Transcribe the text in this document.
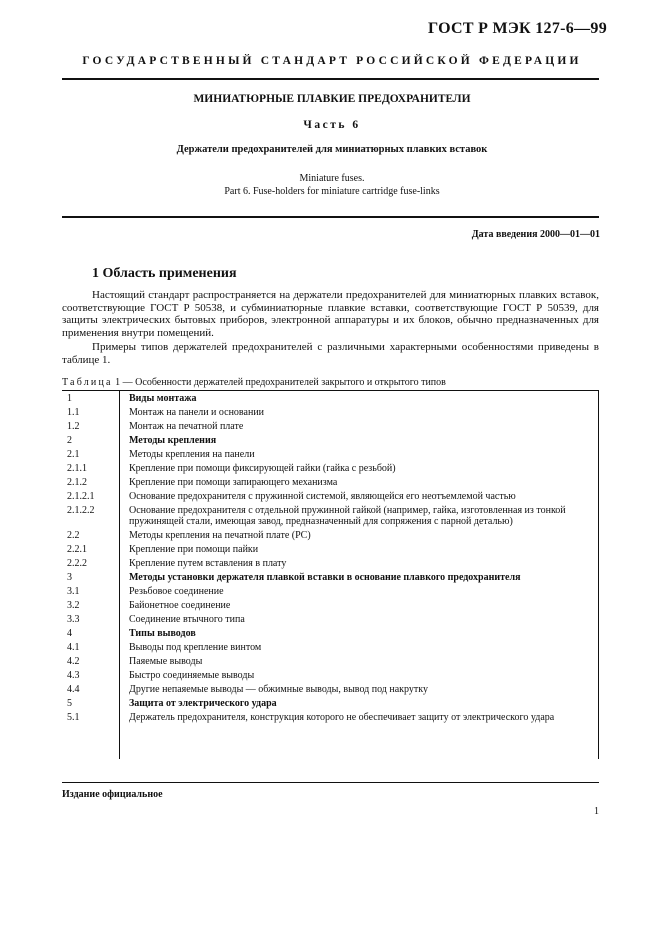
ГОСТ Р МЭК 127-6—99
ГОСУДАРСТВЕННЫЙ СТАНДАРТ РОССИЙСКОЙ ФЕДЕРАЦИИ
МИНИАТЮРНЫЕ ПЛАВКИЕ ПРЕДОХРАНИТЕЛИ
Часть 6
Держатели предохранителей для миниатюрных плавких вставок
Miniature fuses.
Part 6. Fuse-holders for miniature cartridge fuse-links
Дата введения 2000—01—01
1 Область применения
Настоящий стандарт распространяется на держатели предохранителей для миниатюрных плавких вставок, соответствующие ГОСТ Р 50538, и субминиатюрные плавкие вставки, соответствующие ГОСТ Р 50539, для защиты электрических бытовых приборов, электронной аппаратуры и их блоков, обычно предназначенных для применения внутри помещений.
Примеры типов держателей предохранителей с различными характерными особенностями приведены в таблице 1.
Таблица 1 — Особенности держателей предохранителей закрытого и открытого типов
1	Виды монтажа
1.1	Монтаж на панели и основании
1.2	Монтаж на печатной плате
2	Методы крепления
2.1	Методы крепления на панели
2.1.1	Крепление при помощи фиксирующей гайки (гайка с резьбой)
2.1.2	Крепление при помощи запирающего механизма
2.1.2.1	Основание предохранителя с пружинной системой, являющейся его неотъемлемой частью
2.1.2.2	Основание предохранителя с отдельной пружинной гайкой (например, гайка, изготовленная из тонкой пружинящей стали, имеющая завод, предназначенный для сопряжения с парной деталью)
2.2	Методы крепления на печатной плате (PC)
2.2.1	Крепление при помощи пайки
2.2.2	Крепление путем вставления в плату
3	Методы установки держателя плавкой вставки в основание плавкого предохранителя
3.1	Резьбовое соединение
3.2	Байонетное соединение
3.3	Соединение втычного типа
4	Типы выводов
4.1	Выводы под крепление винтом
4.2	Паяемые выводы
4.3	Быстро соединяемые выводы
4.4	Другие непаяемые выводы — обжимные выводы, вывод под накрутку
5	Защита от электрического удара
5.1	Держатель предохранителя, конструкция которого не обеспечивает защиту от электрического удара
Издание официальное
1
